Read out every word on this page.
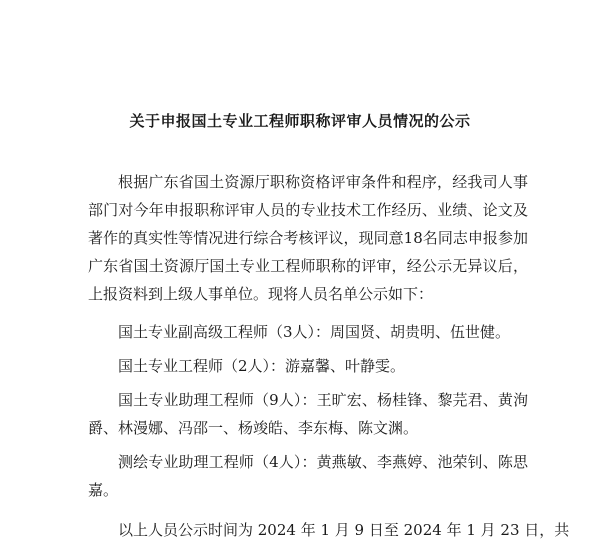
关于申报国土专业工程师职称评审人员情况的公示

根据广东省国土资源厅职称资格评审条件和程序，经我司人事部门对今年申报职称评审人员的专业技术工作经历、业绩、论文及著作的真实性等情况进行综合考核评议，现同意18名同志申报参加广东省国土资源厅国土专业工程师职称的评审，经公示无异议后，上报资料到上级人事单位。现将人员名单公示如下：

国土专业副高级工程师（3人）：周国贤、胡贵明、伍世健。

国土专业工程师（2人）：游嘉馨、叶静雯。

国土专业助理工程师（9人）：王旷宏、杨桂锋、黎芫君、黄洵爵、林漫娜、冯邵一、杨竣皓、李东梅、陈文渊。

测绘专业助理工程师（4人）：黄燕敏、李燕婷、池荣钊、陈思嘉。

以上人员公示时间为 2024 年 1 月 9 日至 2024 年 1 月 23 日，共
